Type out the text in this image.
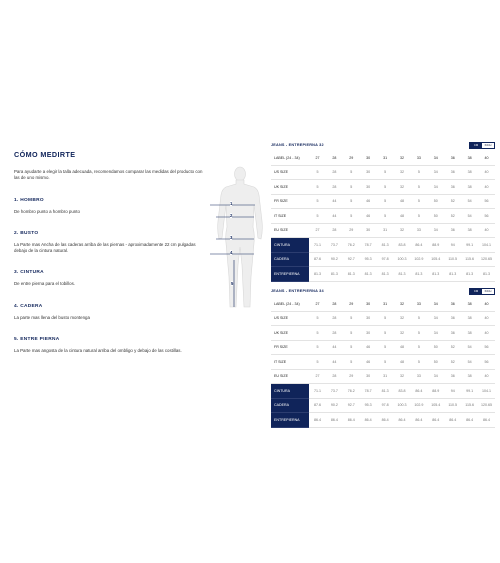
CÓMO MEDIRTE
Para ayudarte a elegir la talla adecuada, recomendamos comparar las medidas del producto con las de uno mismo.
1. HOMBRO
De hombro punto a hombro punto
2. BUSTO
La Parte mas Ancha de las caderas arriba de las piernas - aproximadamente 22 cm pulgadas debajo de la cintura natural.
3. CINTURA
De entre pierna para el tobillos.
4. CADERA
La parte mas llena del busto montenga
5. ENTRE PIERNA
La Parte mas angosta de la cintura natural arriba del ombligo y debajo de las costillas.
1
2
3
4
5
JEANS - ENTREPIERNA 32	CM	INCH
LABEL (24 - 34)	27	28	29	30	31	32	33	34	36	38	40
US SIZE	5	28	5	30	5	32	5	34	36	38	40
UK SIZE	5	28	5	30	5	32	5	34	36	38	40
FR SIZE	5	44	5	46	5	48	5	50	52	54	56
IT SIZE	5	44	5	46	5	48	5	50	52	54	56
EU SIZE	27	28	29	30	31	32	33	34	36	38	40
CINTURA	71.1	73.7	76.2	78.7	81.3	83.8	86.4	88.9	94	99.1	104.1
CADERA	87.6	90.2	92.7	95.3	97.8	100.3	102.9	105.4	110.5	115.6	120.65
ENTREPIERNA	81.3	81.3	81.3	81.3	81.3	81.3	81.3	81.3	81.3	81.3	81.3
JEANS - ENTREPIERNA 34	CM	INCH
LABEL (24 - 34)	27	28	29	30	31	32	33	34	36	38	40
US SIZE	5	28	5	30	5	32	5	34	36	38	40
UK SIZE	5	28	5	30	5	32	5	34	36	38	40
FR SIZE	5	44	5	46	5	48	5	50	52	54	56
IT SIZE	5	44	5	46	5	48	5	50	52	54	56
EU SIZE	27	28	29	30	31	32	33	34	36	38	40
CINTURA	71.1	73.7	76.2	78.7	81.3	83.8	86.4	88.9	94	99.1	104.1
CADERA	87.6	90.2	92.7	95.3	97.8	100.3	102.9	105.4	110.5	115.6	120.65
ENTREPIERNA	86.4	86.4	86.4	86.4	86.4	86.4	86.4	86.4	86.4	86.4	86.4
